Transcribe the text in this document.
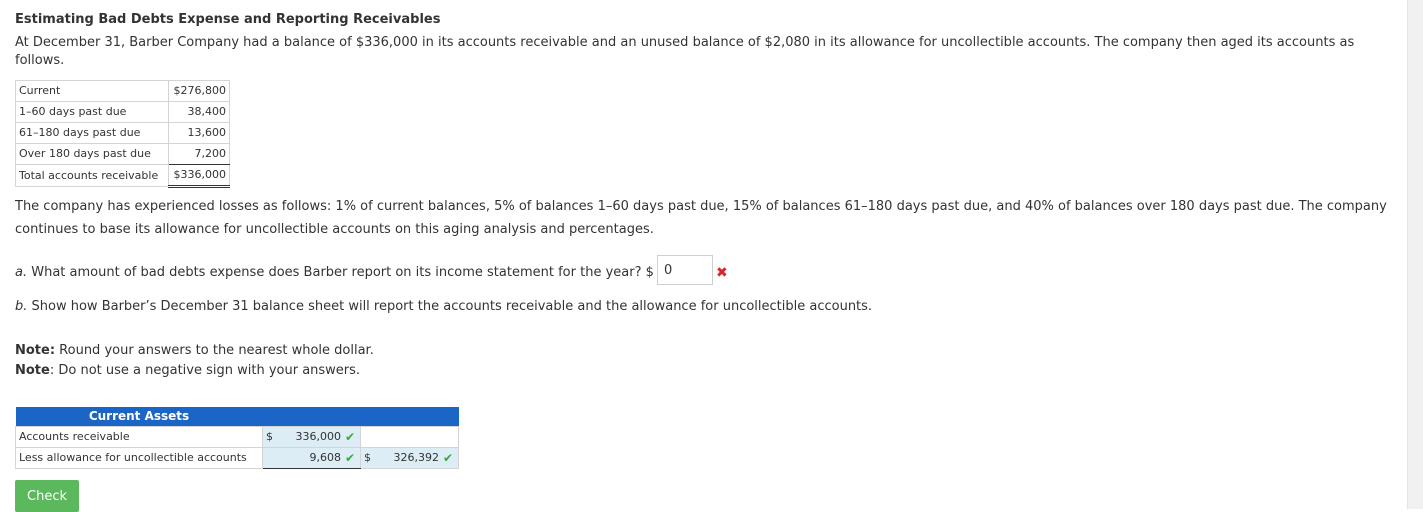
Estimating Bad Debts Expense and Reporting Receivables
At December 31, Barber Company had a balance of $336,000 in its accounts receivable and an unused balance of $2,080 in its allowance for uncollectible accounts. The company then aged its accounts as follows.
Current	$276,800
1–60 days past due	38,400
61–180 days past due	13,600
Over 180 days past due	7,200
Total accounts receivable	$336,000
The company has experienced losses as follows: 1% of current balances, 5% of balances 1–60 days past due, 15% of balances 61–180 days past due, and 40% of balances over 180 days past due. The company continues to base its allowance for uncollectible accounts on this aging analysis and percentages.
a. What amount of bad debts expense does Barber report on its income statement for the year? $
0	✖
b. Show how Barber’s December 31 balance sheet will report the accounts receivable and the allowance for uncollectible accounts.
Note: Round your answers to the nearest whole dollar.
Note: Do not use a negative sign with your answers.
Current Assets		
Accounts receivable	$ 336,000 ✔	

Less allowance for uncollectible accounts	9,608 ✔	$ 326,392 ✔
Check
